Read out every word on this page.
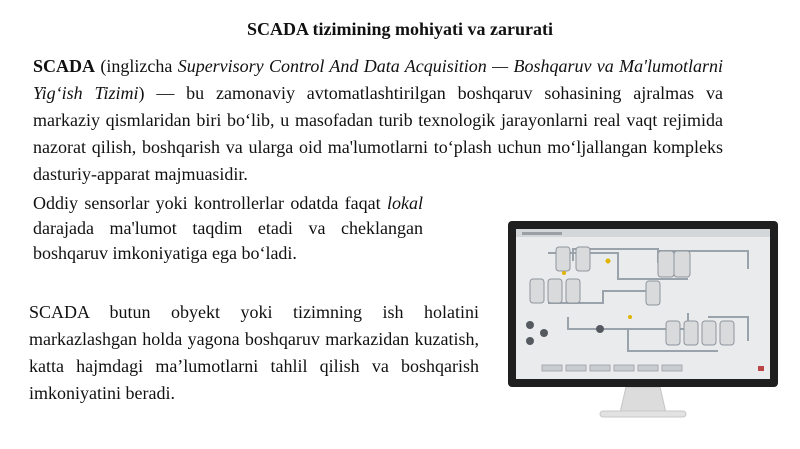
SCADA tizimining mohiyati va zarurati
SCADA (inglizcha Supervisory Control And Data Acquisition — Boshqaruv va Ma'lumotlarni Yig‘ish Tizimi) — bu zamonaviy avtomatlashtirilgan boshqaruv sohasining ajralmas va markaziy qismlaridan biri bo‘lib, u masofadan turib texnologik jarayonlarni real vaqt rejimida nazorat qilish, boshqarish va ularga oid ma'lumotlarni to‘plash uchun mo‘ljallangan kompleks dasturiy-apparat majmuasidir.
Oddiy sensorlar yoki kontrollerlar odatda faqat lokal darajada ma'lumot taqdim etadi va cheklangan boshqaruv imkoniyatiga ega bo‘ladi.
SCADA butun obyekt yoki tizimning ish holatini markazlashgan holda yagona boshqaruv markazidan kuzatish, katta hajmdagi ma’lumotlarni tahlil qilish va boshqarish imkoniyatini beradi.
